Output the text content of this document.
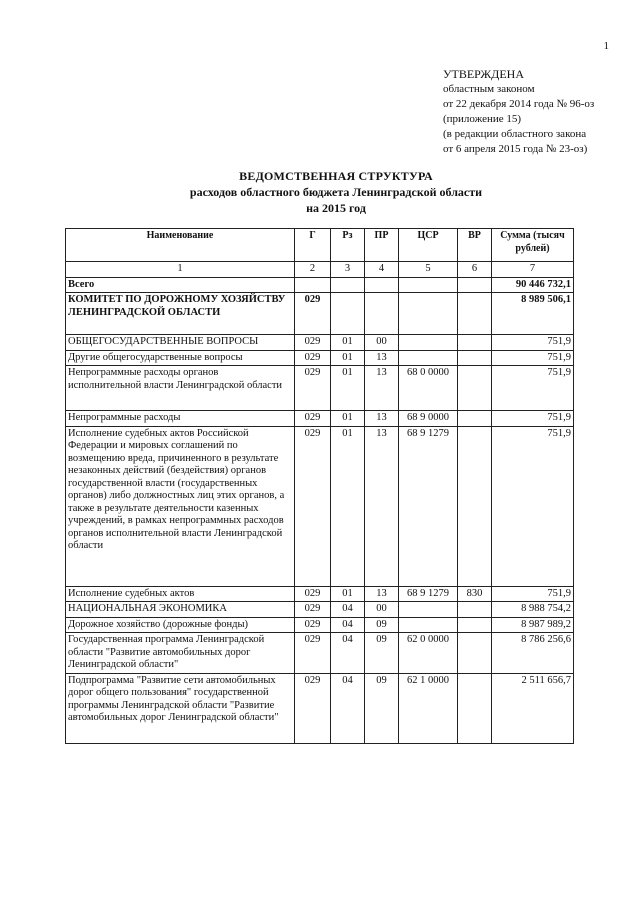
1
УТВЕРЖДЕНА
областным законом
от 22 декабря 2014 года № 96-оз
(приложение 15)
(в редакции областного закона
от 6 апреля 2015 года № 23-оз)
ВЕДОМСТВЕННАЯ СТРУКТУРА
расходов областного бюджета Ленинградской области
на 2015 год
Наименование	Г	Рз	ПР	ЦСР	ВР	Сумма (тысяч рублей)
1	2	3	4	5	6	7
Всего						90 446 732,1
КОМИТЕТ ПО ДОРОЖНОМУ ХОЗЯЙСТВУ ЛЕНИНГРАДСКОЙ ОБЛАСТИ	029					8 989 506,1
ОБЩЕГОСУДАРСТВЕННЫЕ ВОПРОСЫ	029	01	00			751,9
Другие общегосударственные вопросы	029	01	13			751,9
Непрограммные расходы органов исполнительной власти Ленинградской области	029	01	13	68 0 0000		751,9
Непрограммные расходы	029	01	13	68 9 0000		751,9
Исполнение судебных актов Российской Федерации и мировых соглашений по возмещению вреда, причиненного в результате незаконных действий (бездействия) органов государственной власти (государственных органов) либо должностных лиц этих органов, а также в результате деятельности казенных учреждений, в рамках непрограммных расходов органов исполнительной власти Ленинградской области	029	01	13	68 9 1279		751,9
Исполнение судебных актов	029	01	13	68 9 1279	830	751,9
НАЦИОНАЛЬНАЯ ЭКОНОМИКА	029	04	00			8 988 754,2
Дорожное хозяйство (дорожные фонды)	029	04	09			8 987 989,2
Государственная программа Ленинградской области "Развитие автомобильных дорог Ленинградской области"	029	04	09	62 0 0000		8 786 256,6
Подпрограмма "Развитие сети автомобильных дорог общего пользования" государственной программы Ленинградской области "Развитие автомобильных дорог Ленинградской области"	029	04	09	62 1 0000		2 511 656,7
